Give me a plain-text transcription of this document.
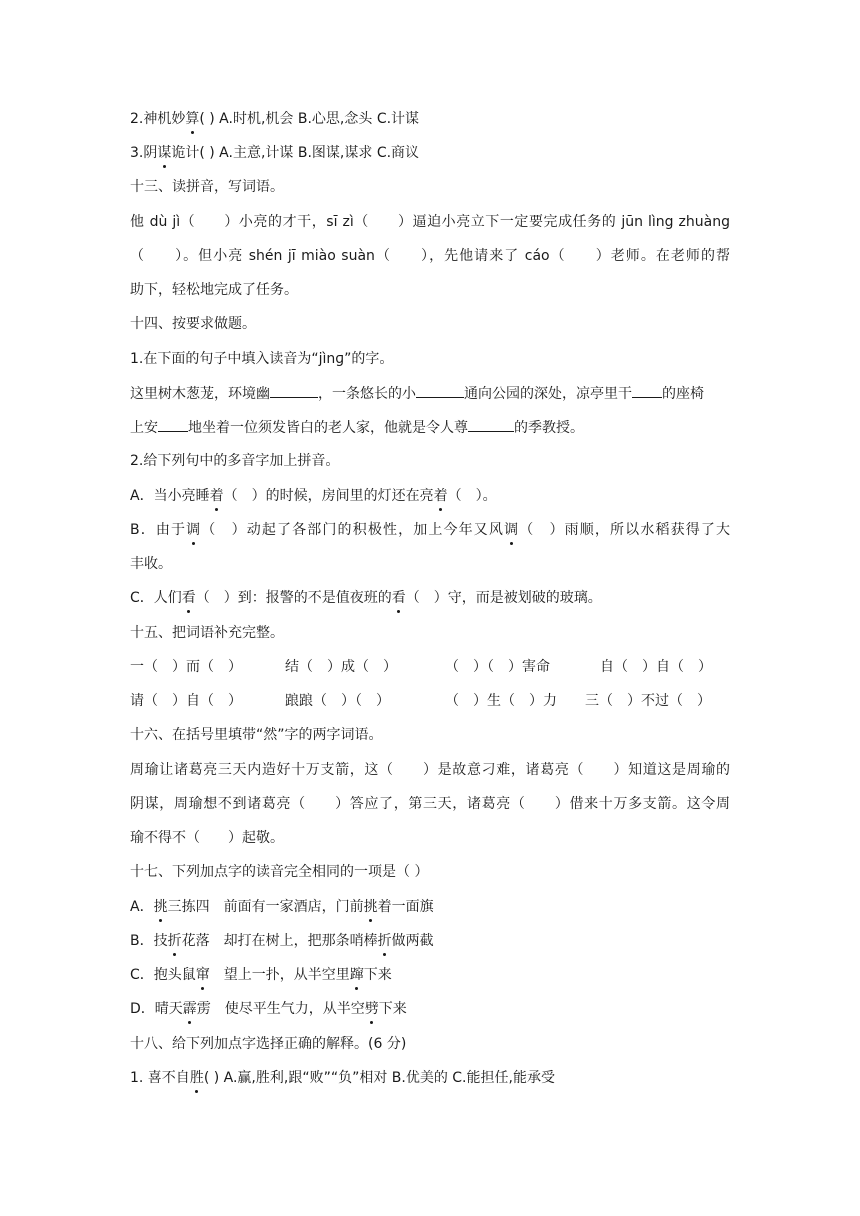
2.神机妙算( ) A.时机,机会 B.心思,念头 C.计谋
3.阴谋诡计( ) A.主意,计谋 B.图谋,谋求 C.商议
十三、读拼音，写词语。
他 dù jì（　　）小亮的才干，sī zì（　　）逼迫小亮立下一定要完成任务的 jūn lìng zhuàng
（　　）。但小亮 shén jī miào suàn（　　），先他请来了 cáo（　　）老师。在老师的帮
助下，轻松地完成了任务。
十四、按要求做题。
1.在下面的句子中填入读音为“jìnɡ”的字。
这里树木葱茏，环境幽	，一条悠长的小	通向公园的深处，凉亭里干 的座椅
上安 地坐着一位须发皆白的老人家，他就是令人尊	的季教授。
2.给下列句中的多音字加上拼音。
A．当小亮睡着（　）的时候，房间里的灯还在亮着（　）。
B．由于调（　）动起了各部门的积极性，加上今年又风调（　）雨顺，所以水稻获得了大
丰收。
C．人们看（　）到：报警的不是值夜班的看（　）守，而是被划破的玻璃。
十五、把词语补充完整。
一（　）而（　）	结（　）成（　）	（　）（　）害命	自（　）自（　）
请（　）自（　）	踉踉（　）（　）	（　）生（　）力	三（　）不过（　）
十六、在括号里填带“然”字的两字词语。
周瑜让诸葛亮三天内造好十万支箭，这（　　）是故意刁难，诸葛亮（　　）知道这是周瑜的
阴谋，周瑜想不到诸葛亮（　　）答应了，第三天，诸葛亮（　　）借来十万多支箭。这令周
瑜不得不（　　）起敬。
十七、下列加点字的读音完全相同的一项是（ ）
A．挑三拣四　前面有一家酒店，门前挑着一面旗
B．技折花落　却打在树上，把那条哨棒折做两截
C．抱头鼠窜　望上一扑，从半空里蹿下来
D．晴天霹雳　使尽平生气力，从半空劈下来
十八、给下列加点字选择正确的解释。(6 分)
1. 喜不自胜( ) A.赢,胜利,跟“败”“负”相对 B.优美的 C.能担任,能承受
